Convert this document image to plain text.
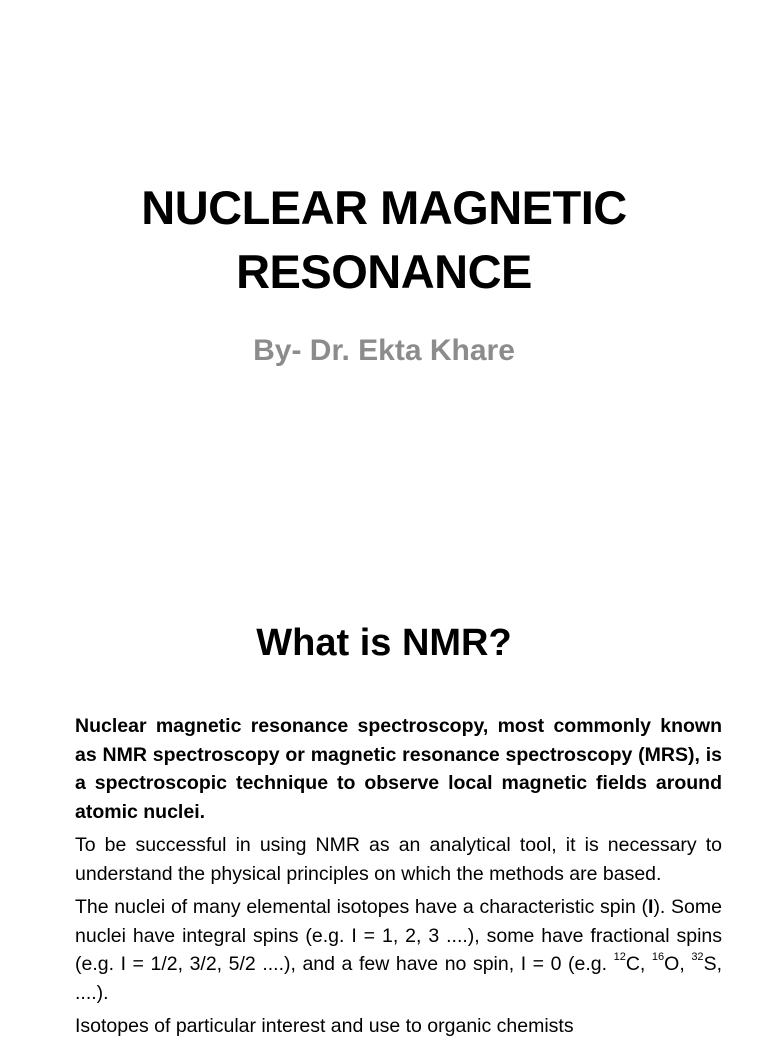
NUCLEAR MAGNETIC
RESONANCE
By- Dr. Ekta Khare
What is NMR?

Nuclear magnetic resonance spectroscopy, most commonly known as NMR spectroscopy or magnetic resonance spectroscopy (MRS), is a spectroscopic technique to observe local magnetic fields around atomic nuclei.

To be successful in using NMR as an analytical tool, it is necessary to understand the physical principles on which the methods are based.

The nuclei of many elemental isotopes have a characteristic spin (I). Some nuclei have integral spins (e.g. I = 1, 2, 3 ....), some have fractional spins (e.g. I = 1/2, 3/2, 5/2 ....), and a few have no spin, I = 0 (e.g. $^{12}$C, $^{16}$O, $^{32}$S, ....).

Isotopes of particular interest and use to organic chemists
